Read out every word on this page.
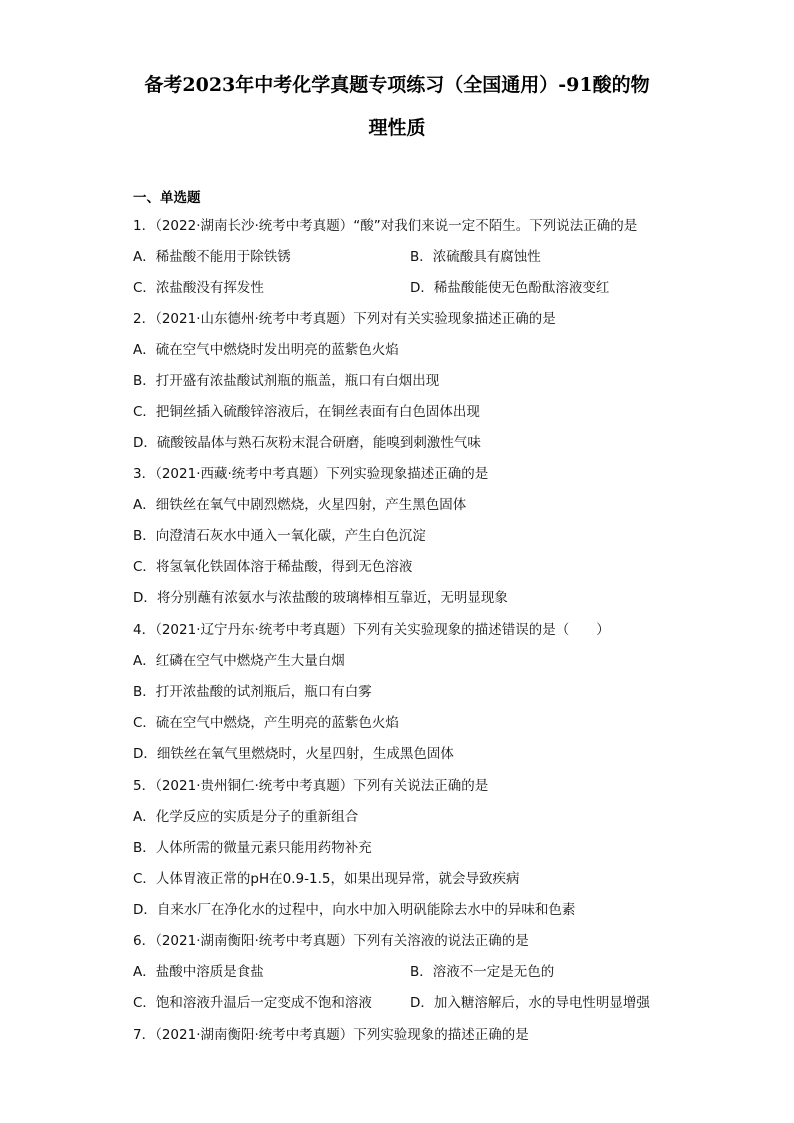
备考2023年中考化学真题专项练习（全国通用）-91酸的物
理性质
一、单选题
1．（2022·湖南长沙·统考中考真题）“酸”对我们来说一定不陌生。下列说法正确的是
A．稀盐酸不能用于除铁锈	B．浓硫酸具有腐蚀性
C．浓盐酸没有挥发性	D．稀盐酸能使无色酚酞溶液变红
2．（2021·山东德州·统考中考真题）下列对有关实验现象描述正确的是
A．硫在空气中燃烧时发出明亮的蓝紫色火焰
B．打开盛有浓盐酸试剂瓶的瓶盖，瓶口有白烟出现
C．把铜丝插入硫酸锌溶液后，在铜丝表面有白色固体出现
D．硫酸铵晶体与熟石灰粉末混合研磨，能嗅到刺激性气味
3．（2021·西藏·统考中考真题）下列实验现象描述正确的是
A．细铁丝在氧气中剧烈燃烧，火星四射，产生黑色固体
B．向澄清石灰水中通入一氧化碳，产生白色沉淀
C．将氢氧化铁固体溶于稀盐酸，得到无色溶液
D．将分别蘸有浓氨水与浓盐酸的玻璃棒相互靠近，无明显现象
4．（2021·辽宁丹东·统考中考真题）下列有关实验现象的描述错误的是（　　）
A．红磷在空气中燃烧产生大量白烟
B．打开浓盐酸的试剂瓶后，瓶口有白雾
C．硫在空气中燃烧，产生明亮的蓝紫色火焰
D．细铁丝在氧气里燃烧时，火星四射，生成黑色固体
5．（2021·贵州铜仁·统考中考真题）下列有关说法正确的是
A．化学反应的实质是分子的重新组合
B．人体所需的微量元素只能用药物补充
C．人体胃液正常的pH在0.9-1.5，如果出现异常，就会导致疾病
D．自来水厂在净化水的过程中，向水中加入明矾能除去水中的异味和色素
6．（2021·湖南衡阳·统考中考真题）下列有关溶液的说法正确的是
A．盐酸中溶质是食盐	B．溶液不一定是无色的
C．饱和溶液升温后一定变成不饱和溶液	D．加入糖溶解后，水的导电性明显增强
7．（2021·湖南衡阳·统考中考真题）下列实验现象的描述正确的是
